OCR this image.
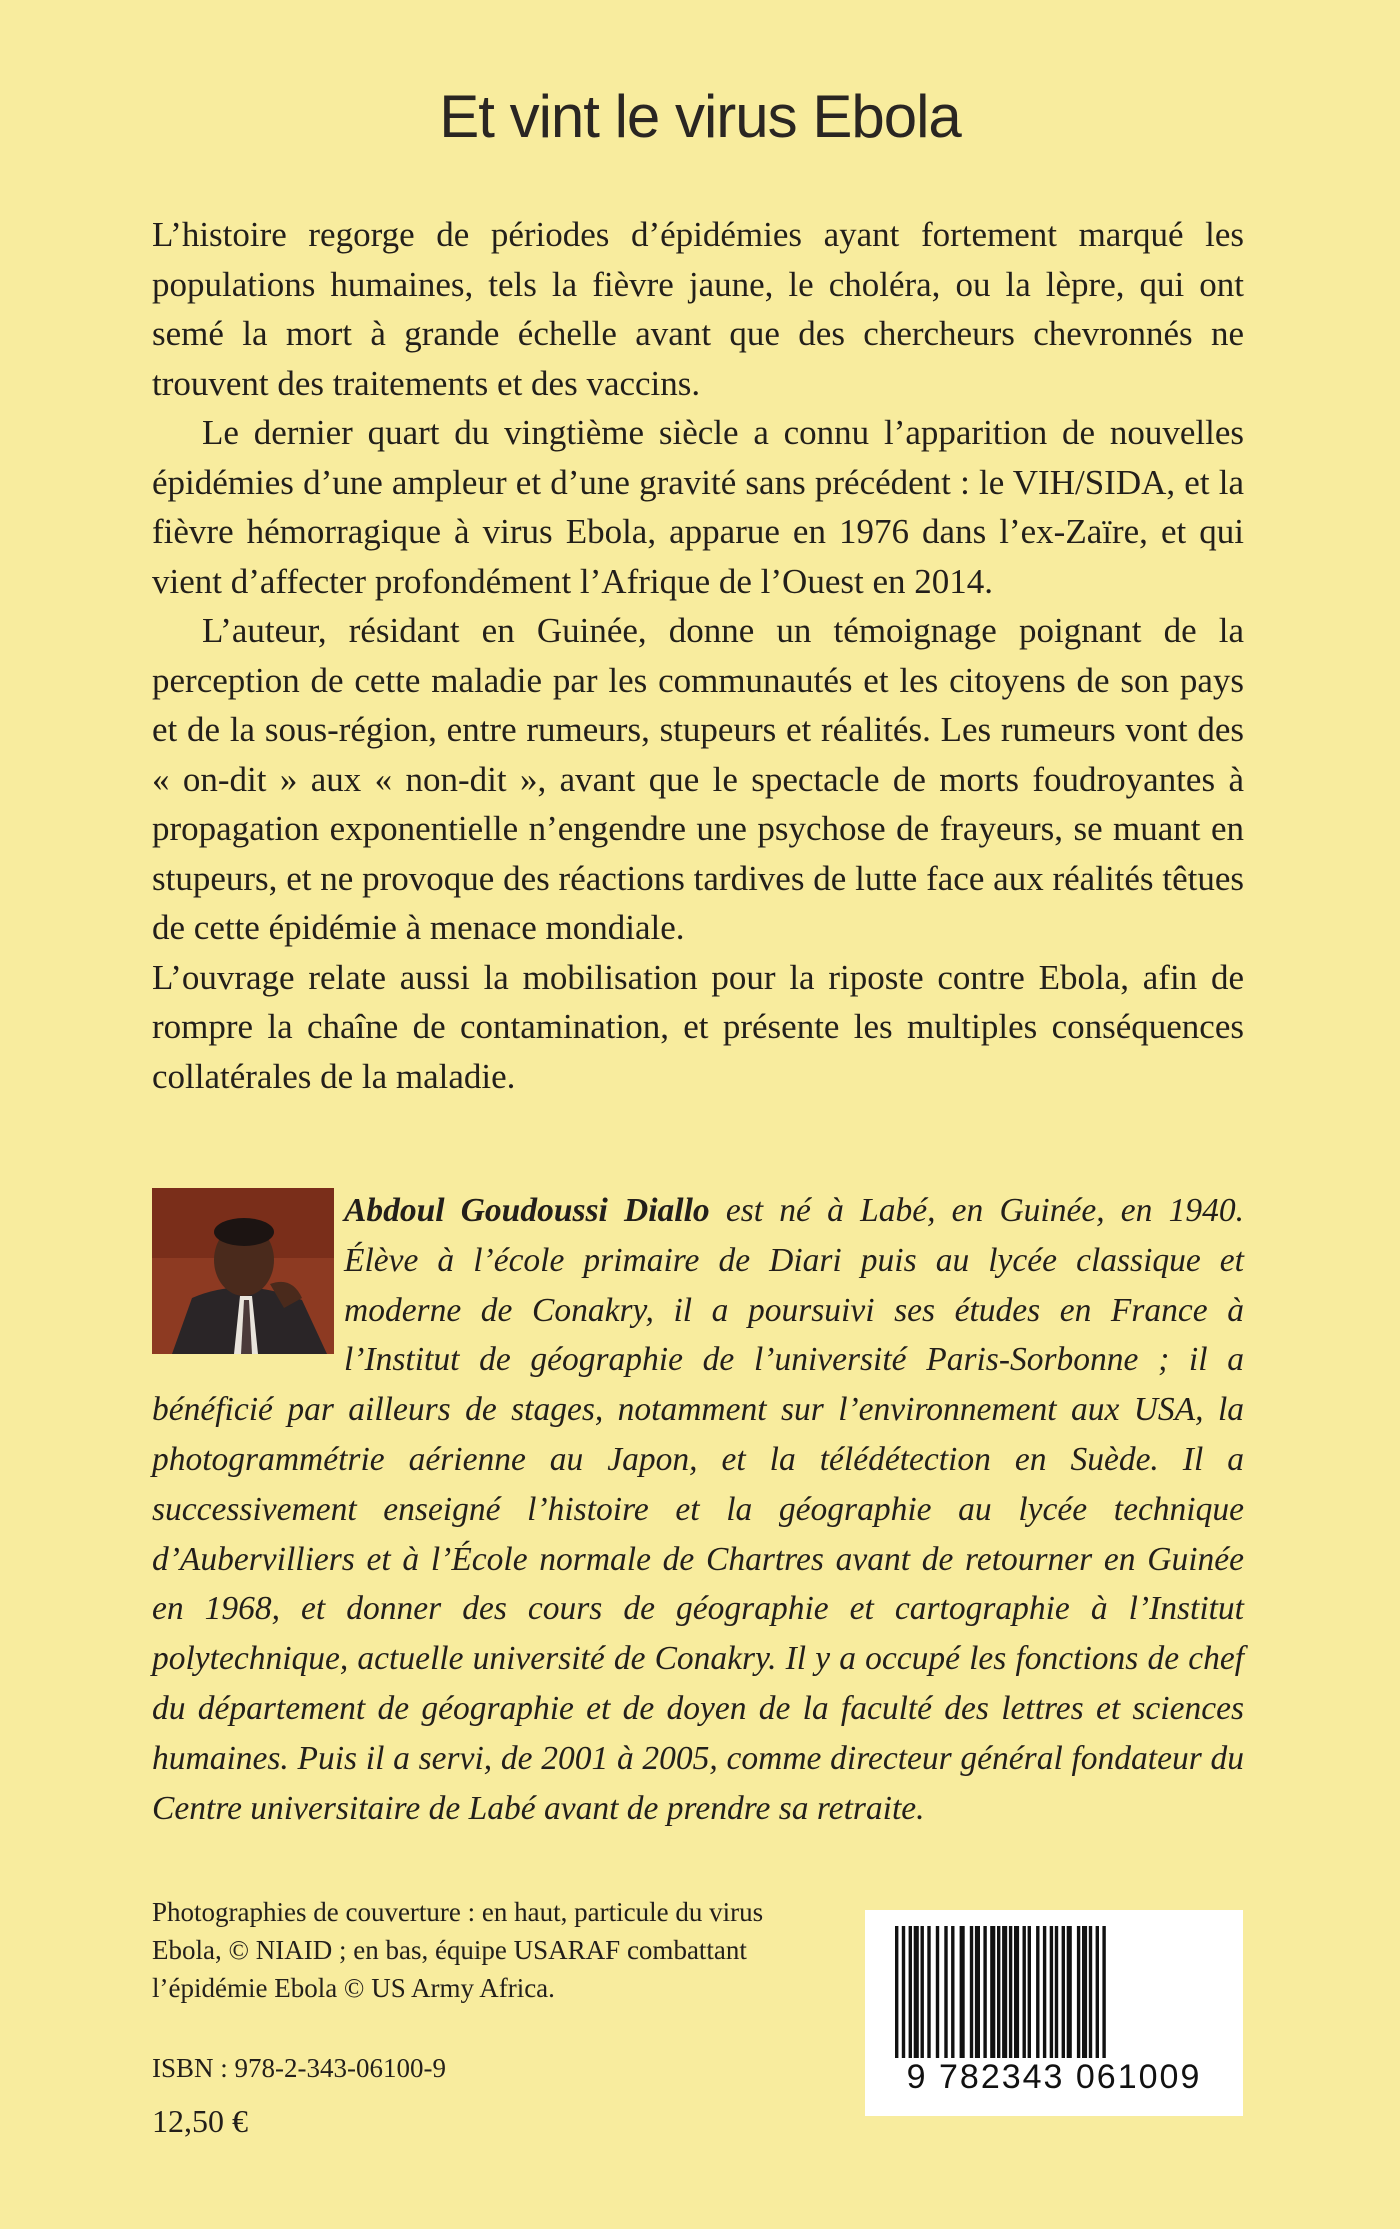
Et vint le virus Ebola

L’histoire regorge de périodes d’épidémies ayant fortement marqué les populations humaines, tels la fièvre jaune, le choléra, ou la lèpre, qui ont semé la mort à grande échelle avant que des chercheurs chevronnés ne trouvent des traitements et des vaccins.

Le dernier quart du vingtième siècle a connu l’apparition de nouvelles épidémies d’une ampleur et d’une gravité sans précédent : le VIH/SIDA, et la fièvre hémorragique à virus Ebola, apparue en 1976 dans l’ex-Zaïre, et qui vient d’affecter profondément l’Afrique de l’Ouest en 2014.

L’auteur, résidant en Guinée, donne un témoignage poignant de la perception de cette maladie par les communautés et les citoyens de son pays et de la sous-région, entre rumeurs, stupeurs et réalités. Les rumeurs vont des « on-dit » aux « non-dit », avant que le spectacle de morts foudroyantes à propagation exponentielle n’engendre une psychose de frayeurs, se muant en stupeurs, et ne provoque des réactions tardives de lutte face aux réalités têtues de cette épidémie à menace mondiale.

L’ouvrage relate aussi la mobilisation pour la riposte contre Ebola, afin de rompre la chaîne de contamination, et présente les multiples conséquences collatérales de la maladie.

Abdoul Goudoussi Diallo est né à Labé, en Guinée, en 1940. Élève à l’école primaire de Diari puis au lycée classique et moderne de Conakry, il a poursuivi ses études en France à l’Institut de géographie de l’université Paris-Sorbonne ; il a bénéficié par ailleurs de stages, notamment sur l’environnement aux USA, la photogrammétrie aérienne au Japon, et la télédétection en Suède. Il a successivement enseigné l’histoire et la géographie au lycée technique d’Aubervilliers et à l’École normale de Chartres avant de retourner en Guinée en 1968, et donner des cours de géographie et cartographie à l’Institut polytechnique, actuelle université de Conakry. Il y a occupé les fonctions de chef du département de géographie et de doyen de la faculté des lettres et sciences humaines. Puis il a servi, de 2001 à 2005, comme directeur général fondateur du Centre universitaire de Labé avant de prendre sa retraite.

Photographies de couverture : en haut, particule du virus Ebola, © NIAID ; en bas, équipe USARAF combattant l’épidémie Ebola © US Army Africa.
ISBN : 978-2-343-06100-9
12,50 €
9 782343 061009
